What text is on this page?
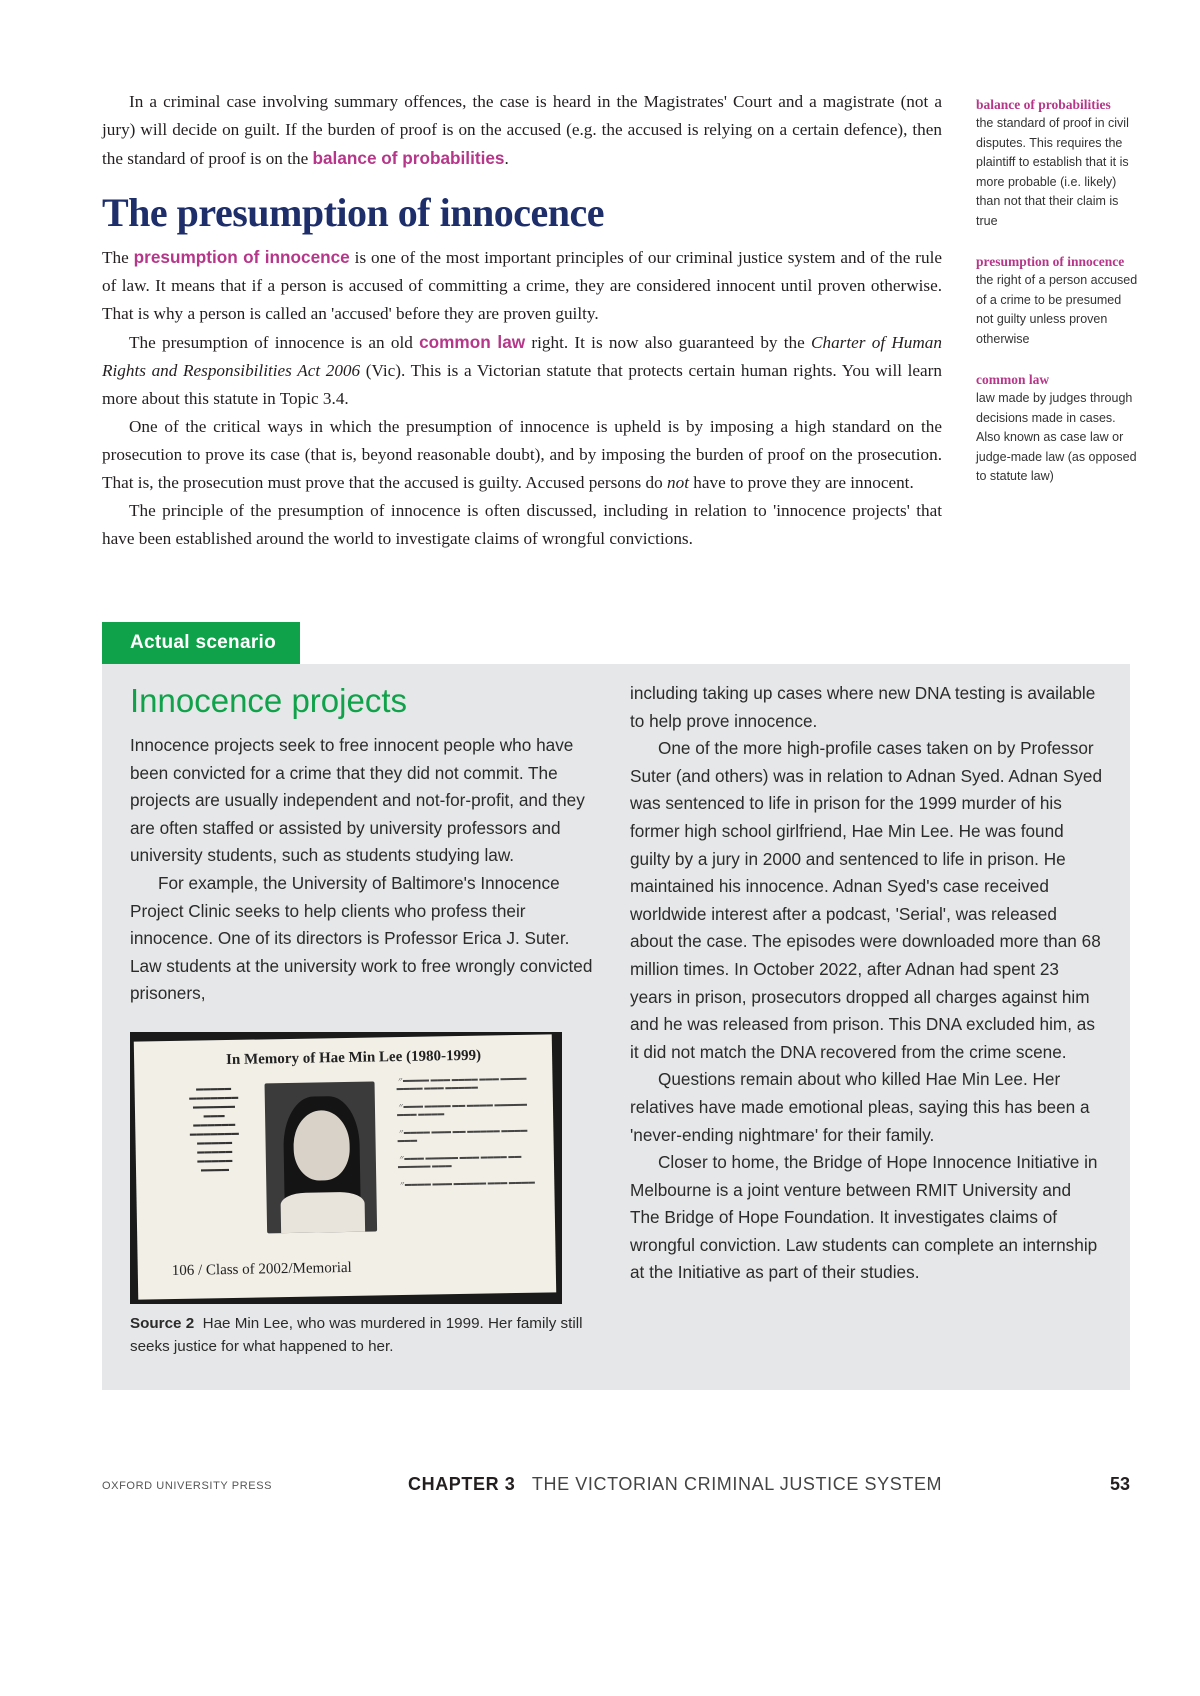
In a criminal case involving summary offences, the case is heard in the Magistrates' Court and a magistrate (not a jury) will decide on guilt. If the burden of proof is on the accused (e.g. the accused is relying on a certain defence), then the standard of proof is on the balance of probabilities.

The presumption of innocence

The presumption of innocence is one of the most important principles of our criminal justice system and of the rule of law. It means that if a person is accused of committing a crime, they are considered innocent until proven otherwise. That is why a person is called an 'accused' before they are proven guilty.

The presumption of innocence is an old common law right. It is now also guaranteed by the Charter of Human Rights and Responsibilities Act 2006 (Vic). This is a Victorian statute that protects certain human rights. You will learn more about this statute in Topic 3.4.

One of the critical ways in which the presumption of innocence is upheld is by imposing a high standard on the prosecution to prove its case (that is, beyond reasonable doubt), and by imposing the burden of proof on the prosecution. That is, the prosecution must prove that the accused is guilty. Accused persons do not have to prove they are innocent.

The principle of the presumption of innocence is often discussed, including in relation to 'innocence projects' that have been established around the world to investigate claims of wrongful convictions.

balance of probabilities
the standard of proof in civil disputes. This requires the plaintiff to establish that it is more probable (i.e. likely) than not that their claim is true
presumption of innocence
the right of a person accused of a crime to be presumed not guilty unless proven otherwise
common law
law made by judges through decisions made in cases. Also known as case law or judge-made law (as opposed to statute law)
Actual scenario
Innocence projects

Innocence projects seek to free innocent people who have been convicted for a crime that they did not commit. The projects are usually independent and not-for-profit, and they are often staffed or assisted by university professors and university students, such as students studying law.

For example, the University of Baltimore's Innocence Project Clinic seeks to help clients who profess their innocence. One of its directors is Professor Erica J. Suter. Law students at the university work to free wrongly convicted prisoners,

In Memory of Hae Min Lee (1980-1999)
▬▬▬▬▬
▬▬▬▬▬▬▬
▬▬▬▬▬▬
▬▬▬
▬▬▬▬▬▬
▬▬▬▬▬▬▬
▬▬▬▬▬
▬▬▬▬▬
▬▬▬▬▬
▬▬▬▬
〃▬▬▬▬ ▬▬▬ ▬▬▬▬ ▬▬▬ ▬▬▬▬ ▬▬▬▬ ▬▬▬ ▬▬▬▬▬
〃▬▬▬ ▬▬▬▬ ▬▬ ▬▬▬▬ ▬▬▬▬▬ ▬▬▬ ▬▬▬▬
〃▬▬▬▬ ▬▬▬ ▬▬ ▬▬▬▬▬ ▬▬▬▬ ▬▬▬
〃▬▬▬ ▬▬▬▬▬ ▬▬▬ ▬▬▬▬ ▬▬ ▬▬▬▬▬ ▬▬▬
〃▬▬▬▬ ▬▬▬ ▬▬▬▬▬ ▬▬▬ ▬▬▬▬
106 / Class of 2002/Memorial
Source 2 Hae Min Lee, who was murdered in 1999. Her family still seeks justice for what happened to her.

including taking up cases where new DNA testing is available to help prove innocence.

One of the more high-profile cases taken on by Professor Suter (and others) was in relation to Adnan Syed. Adnan Syed was sentenced to life in prison for the 1999 murder of his former high school girlfriend, Hae Min Lee. He was found guilty by a jury in 2000 and sentenced to life in prison. He maintained his innocence. Adnan Syed's case received worldwide interest after a podcast, 'Serial', was released about the case. The episodes were downloaded more than 68 million times. In October 2022, after Adnan had spent 23 years in prison, prosecutors dropped all charges against him and he was released from prison. This DNA excluded him, as it did not match the DNA recovered from the crime scene.

Questions remain about who killed Hae Min Lee. Her relatives have made emotional pleas, saying this has been a 'never-ending nightmare' for their family.

Closer to home, the Bridge of Hope Innocence Initiative in Melbourne is a joint venture between RMIT University and The Bridge of Hope Foundation. It investigates claims of wrongful conviction. Law students can complete an internship at the Initiative as part of their studies.

OXFORD UNIVERSITY PRESS	CHAPTER 3 THE VICTORIAN CRIMINAL JUSTICE SYSTEM	53
